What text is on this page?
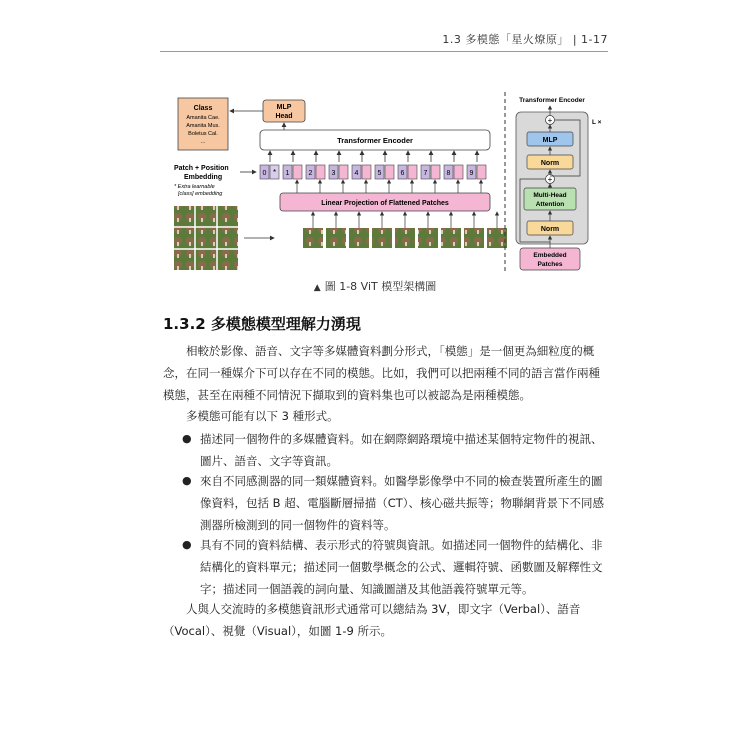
1.3 多模態「星火燎原」 | 1-17
Class
Amanita Cae.
Amanita Mus.
Boletus Cal.
...
MLP
Head
Transformer Encoder
Patch + Position
Embedding
* Extra learnable
[class] embedding
0 * 1	2	3	4	5	6	7	8	9
Linear Projection of Flattened Patches
Transformer Encoder
L ×
+
MLP
Norm
+
Multi-Head
Attention
Norm
Embedded
Patches
▲ 圖 1-8 ViT 模型架構圖
1.3.2 多模態模型理解力湧現
相較於影像、語音、文字等多媒體資料劃分形式，「模態」是一個更為細粒度的概念，在同一種媒介下可以存在不同的模態。比如，我們可以把兩種不同的語言當作兩種模態，甚至在兩種不同情況下擷取到的資料集也可以被認為是兩種模態。
多模態可能有以下 3 種形式。
● 描述同一個物件的多媒體資料。如在網際網路環境中描述某個特定物件的視訊、圖片、語音、文字等資訊。
● 來自不同感測器的同一類媒體資料。如醫學影像學中不同的檢查裝置所產生的圖像資料，包括 B 超、電腦斷層掃描（CT）、核心磁共振等；物聯網背景下不同感測器所檢測到的同一個物件的資料等。
● 具有不同的資料結構、表示形式的符號與資訊。如描述同一個物件的結構化、非結構化的資料單元；描述同一個數學概念的公式、邏輯符號、函數圖及解釋性文字；描述同一個語義的詞向量、知識圖譜及其他語義符號單元等。
人與人交流時的多模態資訊形式通常可以總結為 3V，即文字（Verbal）、語音（Vocal）、視覺（Visual），如圖 1-9 所示。
